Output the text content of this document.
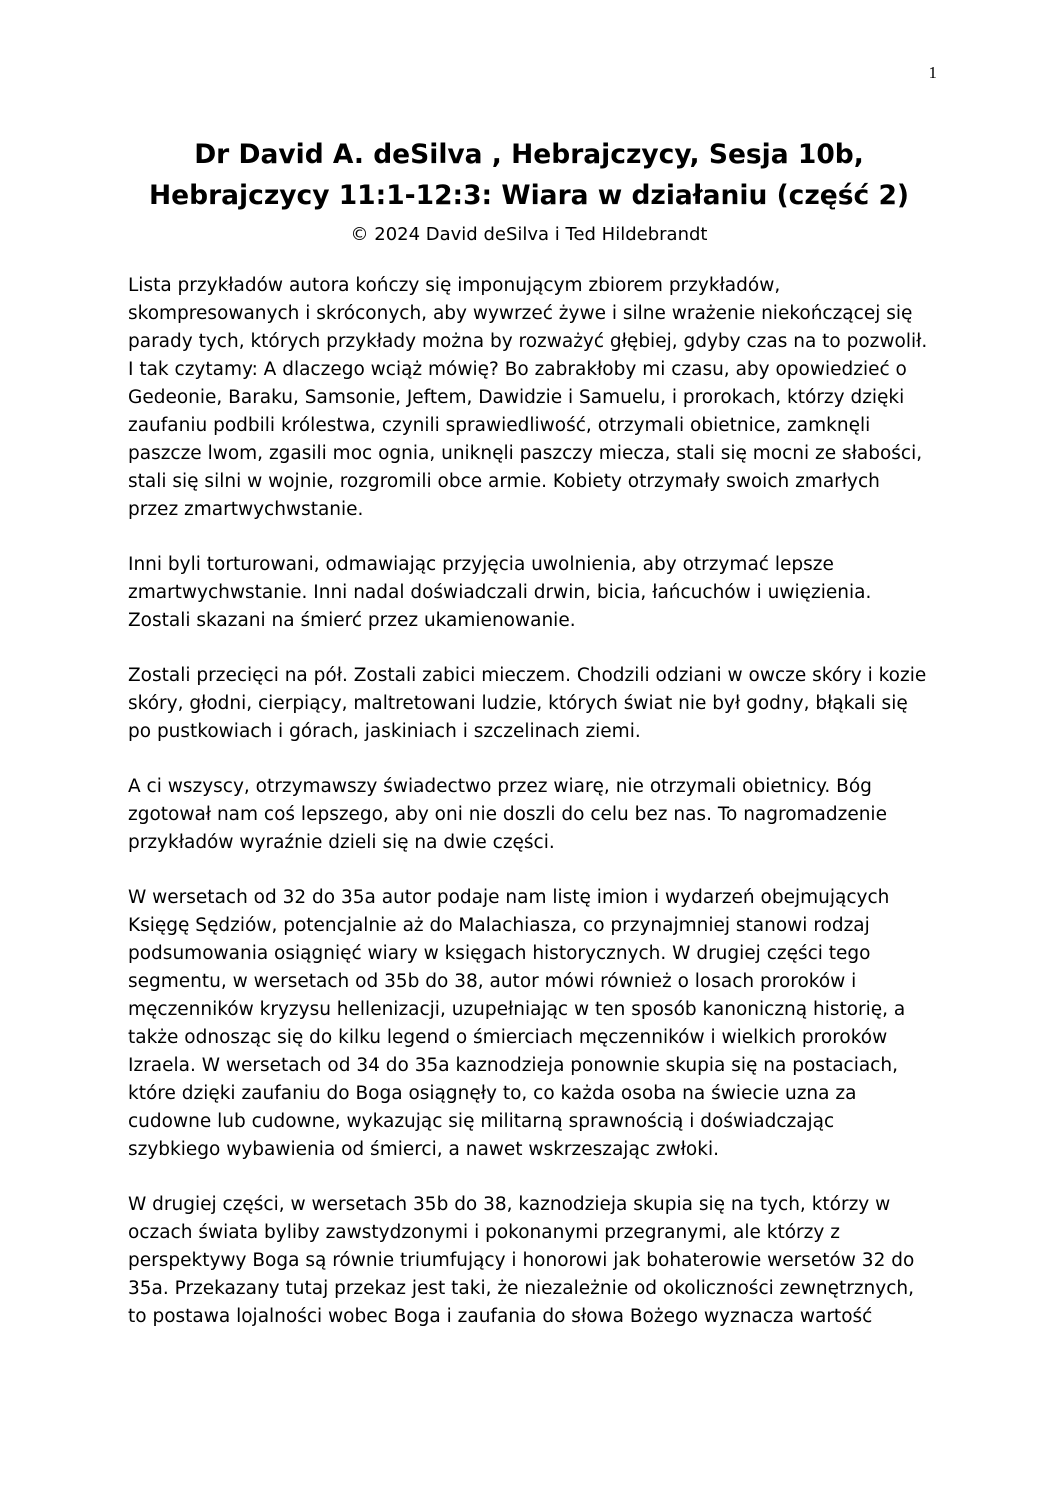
1
Dr David A. deSilva , Hebrajczycy, Sesja 10b,
Hebrajczycy 11:1-12:3: Wiara w działaniu (część 2)
© 2024 David deSilva i Ted Hildebrandt

Lista przykładów autora kończy się imponującym zbiorem przykładów,
skompresowanych i skróconych, aby wywrzeć żywe i silne wrażenie niekończącej się
parady tych, których przykłady można by rozważyć głębiej, gdyby czas na to pozwolił.
I tak czytamy: A dlaczego wciąż mówię? Bo zabrakłoby mi czasu, aby opowiedzieć o
Gedeonie, Baraku, Samsonie, Jeftem, Dawidzie i Samuelu, i prorokach, którzy dzięki
zaufaniu podbili królestwa, czynili sprawiedliwość, otrzymali obietnice, zamknęli
paszcze lwom, zgasili moc ognia, uniknęli paszczy miecza, stali się mocni ze słabości,
stali się silni w wojnie, rozgromili obce armie. Kobiety otrzymały swoich zmarłych
przez zmartwychwstanie.

Inni byli torturowani, odmawiając przyjęcia uwolnienia, aby otrzymać lepsze
zmartwychwstanie. Inni nadal doświadczali drwin, bicia, łańcuchów i uwięzienia.
Zostali skazani na śmierć przez ukamienowanie.

Zostali przecięci na pół. Zostali zabici mieczem. Chodzili odziani w owcze skóry i kozie
skóry, głodni, cierpiący, maltretowani ludzie, których świat nie był godny, błąkali się
po pustkowiach i górach, jaskiniach i szczelinach ziemi.

A ci wszyscy, otrzymawszy świadectwo przez wiarę, nie otrzymali obietnicy. Bóg
zgotował nam coś lepszego, aby oni nie doszli do celu bez nas. To nagromadzenie
przykładów wyraźnie dzieli się na dwie części.

W wersetach od 32 do 35a autor podaje nam listę imion i wydarzeń obejmujących
Księgę Sędziów, potencjalnie aż do Malachiasza, co przynajmniej stanowi rodzaj
podsumowania osiągnięć wiary w księgach historycznych. W drugiej części tego
segmentu, w wersetach od 35b do 38, autor mówi również o losach proroków i
męczenników kryzysu hellenizacji, uzupełniając w ten sposób kanoniczną historię, a
także odnosząc się do kilku legend o śmierciach męczenników i wielkich proroków
Izraela. W wersetach od 34 do 35a kaznodzieja ponownie skupia się na postaciach,
które dzięki zaufaniu do Boga osiągnęły to, co każda osoba na świecie uzna za
cudowne lub cudowne, wykazując się militarną sprawnością i doświadczając
szybkiego wybawienia od śmierci, a nawet wskrzeszając zwłoki.

W drugiej części, w wersetach 35b do 38, kaznodzieja skupia się na tych, którzy w
oczach świata byliby zawstydzonymi i pokonanymi przegranymi, ale którzy z
perspektywy Boga są równie triumfujący i honorowi jak bohaterowie wersetów 32 do
35a. Przekazany tutaj przekaz jest taki, że niezależnie od okoliczności zewnętrznych,
to postawa lojalności wobec Boga i zaufania do słowa Bożego wyznacza wartość
